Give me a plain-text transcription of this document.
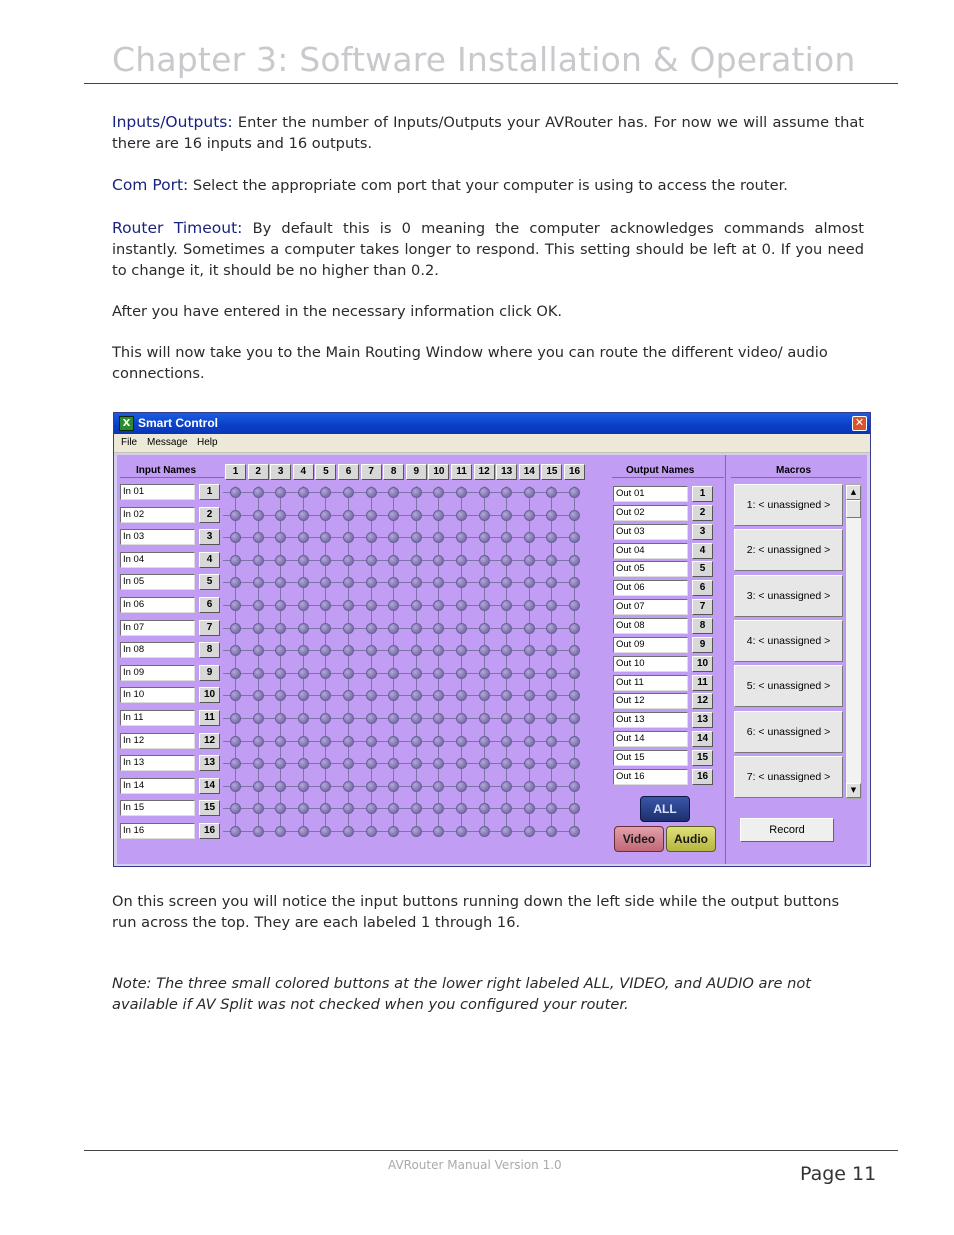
Chapter 3: Software Installation & Operation
Inputs/Outputs: Enter the number of Inputs/Outputs your AVRouter has. For now we will assume that there are 16 inputs and 16 outputs.
Com Port: Select the appropriate com port that your computer is using to access the router.
Router Timeout: By default this is 0 meaning the computer acknowledges commands almost instantly. Sometimes a computer takes longer to respond. This setting should be left at 0. If you need to change it, it should be no higher than 0.2.
After you have entered in the necessary information click OK.
This will now take you to the Main Routing Window where you can route the different video/ audio connections.
X Smart Control	✕
File Message Help
Input Names	Output Names	Macros
▲
▼
Record
ALL
Video	Audio
1	2	3	4	5	6	7	8	9	10	11	12	13	14	15	16
In 01	1
In 02	2
In 03	3
In 04	4
In 05	5
In 06	6
In 07	7
In 08	8
In 09	9
In 10	10
In 11	11
In 12	12
In 13	13
In 14	14
In 15	15
In 16	16
Out 01	1
Out 02	2
Out 03	3
Out 04	4
Out 05	5
Out 06	6
Out 07	7
Out 08	8
Out 09	9
Out 10	10
Out 11	11
Out 12	12
Out 13	13
Out 14	14
Out 15	15
Out 16	16
1: < unassigned >
2: < unassigned >
3: < unassigned >
4: < unassigned >
5: < unassigned >
6: < unassigned >
7: < unassigned >
On this screen you will notice the input buttons running down the left side while the output buttons run across the top. They are each labeled 1 through 16.
Note: The three small colored buttons at the lower right labeled ALL, VIDEO, and AUDIO are not available if AV Split was not checked when you configured your router.
AVRouter Manual Version 1.0	Page 11
